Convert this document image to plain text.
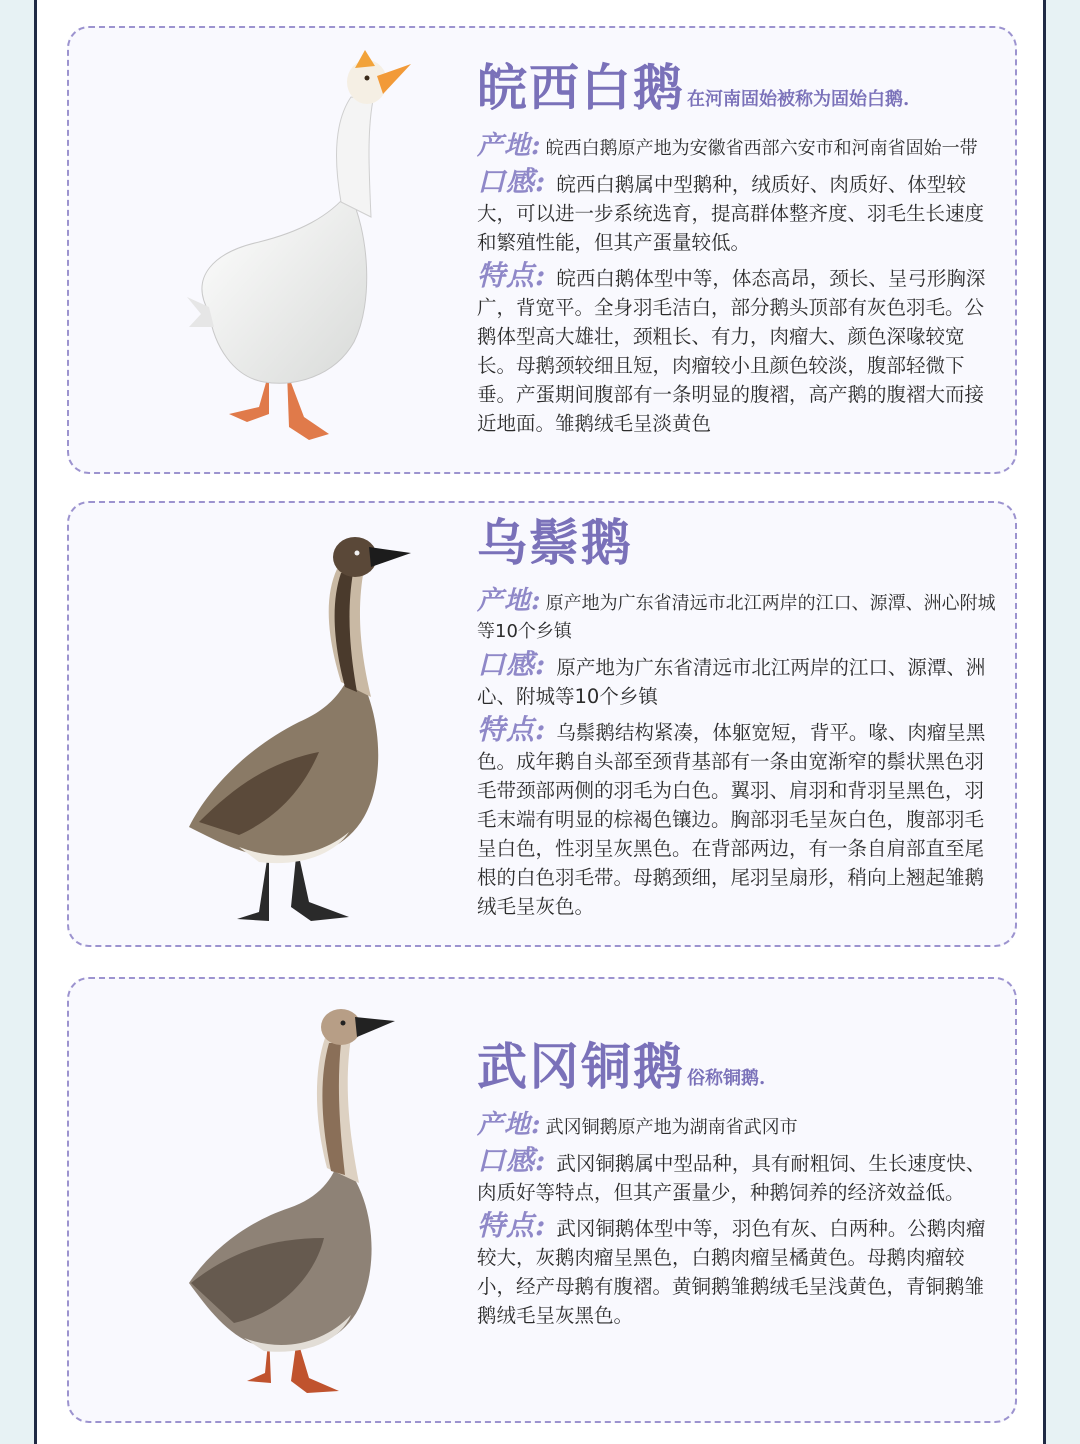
皖西白鹅 在河南固始被称为固始白鹅.

产地: 皖西白鹅原产地为安徽省西部六安市和河南省固始一带

口感: 皖西白鹅属中型鹅种，绒质好、肉质好、体型较大，可以进一步系统选育，提高群体整齐度、羽毛生长速度和繁殖性能，但其产蛋量较低。

特点: 皖西白鹅体型中等，体态高昂，颈长、呈弓形胸深广，背宽平。全身羽毛洁白，部分鹅头顶部有灰色羽毛。公鹅体型高大雄壮，颈粗长、有力，肉瘤大、颜色深喙较宽长。母鹅颈较细且短，肉瘤较小且颜色较淡，腹部轻微下垂。产蛋期间腹部有一条明显的腹褶，高产鹅的腹褶大而接近地面。雏鹅绒毛呈淡黄色

乌鬃鹅

产地: 原产地为广东省清远市北江两岸的江口、源潭、洲心附城等10个乡镇

口感: 原产地为广东省清远市北江两岸的江口、源潭、洲心、附城等10个乡镇

特点: 乌鬃鹅结构紧凑，体躯宽短，背平。喙、肉瘤呈黑色。成年鹅自头部至颈背基部有一条由宽渐窄的鬃状黑色羽毛带颈部两侧的羽毛为白色。翼羽、肩羽和背羽呈黑色，羽毛末端有明显的棕褐色镶边。胸部羽毛呈灰白色，腹部羽毛呈白色，性羽呈灰黑色。在背部两边，有一条自肩部直至尾根的白色羽毛带。母鹅颈细，尾羽呈扇形，稍向上翘起雏鹅绒毛呈灰色。

武冈铜鹅 俗称铜鹅.

产地: 武冈铜鹅原产地为湖南省武冈市

口感: 武冈铜鹅属中型品种，具有耐粗饲、生长速度快、肉质好等特点，但其产蛋量少，种鹅饲养的经济效益低。

特点: 武冈铜鹅体型中等，羽色有灰、白两种。公鹅肉瘤较大，灰鹅肉瘤呈黑色，白鹅肉瘤呈橘黄色。母鹅肉瘤较小，经产母鹅有腹褶。黄铜鹅雏鹅绒毛呈浅黄色，青铜鹅雏鹅绒毛呈灰黑色。
